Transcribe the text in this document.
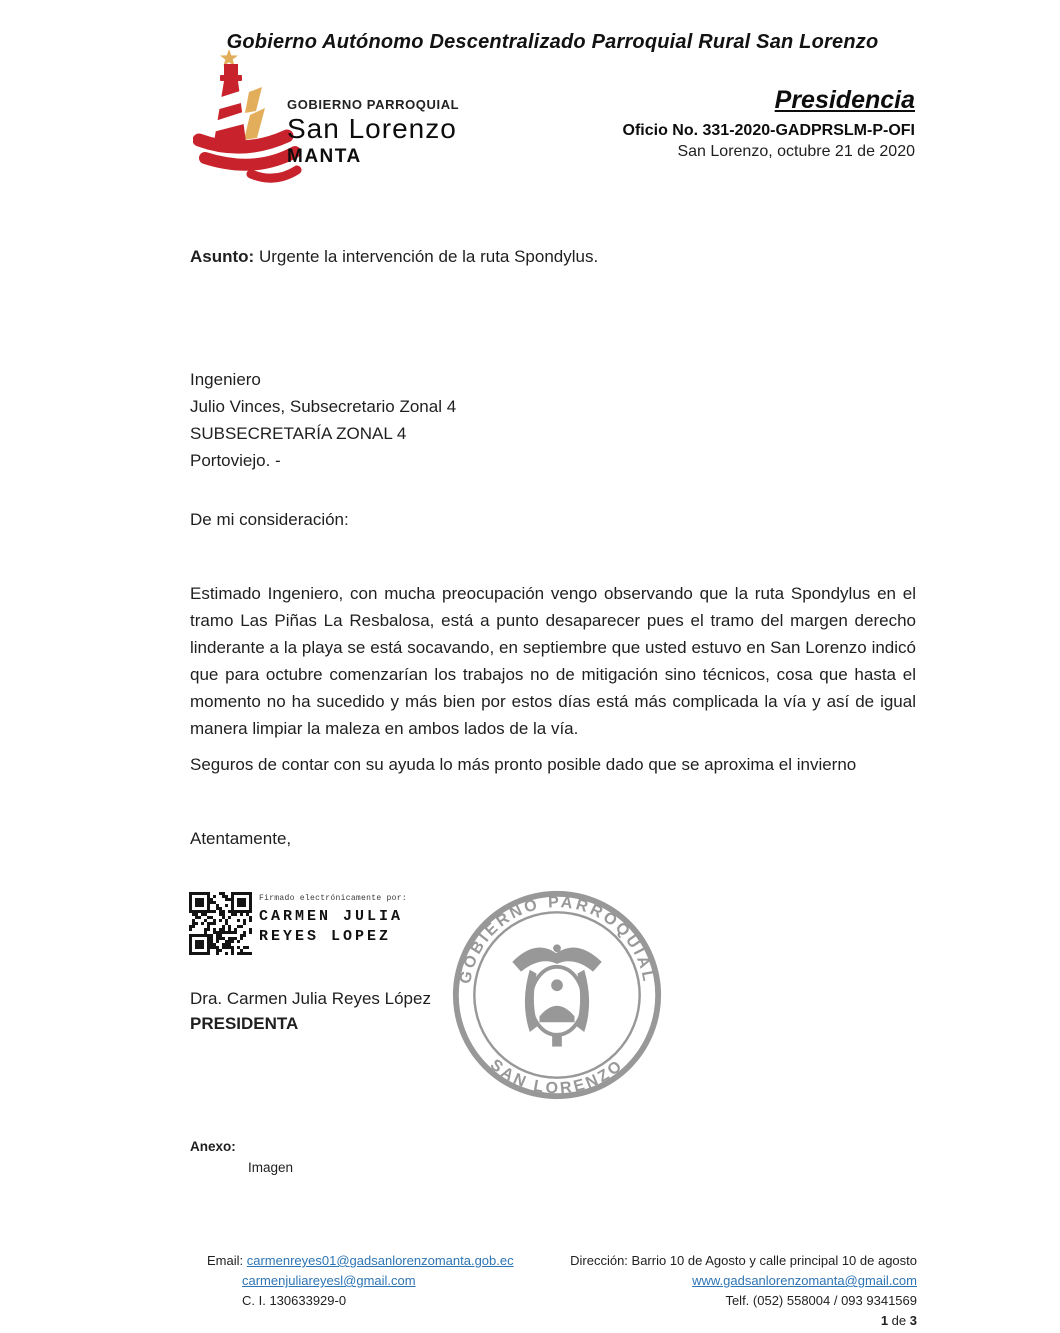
Gobierno Autónomo Descentralizado Parroquial Rural San Lorenzo
GOBIERNO PARROQUIAL
San Lorenzo
MANTA
Presidencia
Oficio No. 331-2020-GADPRSLM-P-OFI
San Lorenzo, octubre 21 de 2020
Asunto: Urgente la intervención de la ruta Spondylus.
Ingeniero
Julio Vinces, Subsecretario Zonal 4
SUBSECRETARÍA ZONAL 4
Portoviejo. -
De mi consideración:
Estimado Ingeniero, con mucha preocupación vengo observando que la ruta Spondylus en el tramo Las Piñas La Resbalosa, está a punto desaparecer pues el tramo del margen derecho linderante a la playa se está socavando, en septiembre que usted estuvo en San Lorenzo indicó que para octubre comenzarían los trabajos no de mitigación sino técnicos, cosa que hasta el momento no ha sucedido y más bien por estos días está más complicada la vía y así de igual manera limpiar la maleza en ambos lados de la vía.
Seguros de contar con su ayuda lo más pronto posible dado que se aproxima el invierno
Atentamente,
Firmado electrónicamente por:
CARMEN JULIA
REYES LOPEZ
Dra. Carmen Julia Reyes López
PRESIDENTA
GOBIERNO PARROQUIAL
SAN LORENZO
Anexo:
Imagen
Email: carmenreyes01@gadsanlorenzomanta.gob.ec
carmenjuliareyesl@gmail.com
C. I. 130633929-0
Dirección: Barrio 10 de Agosto y calle principal 10 de agosto
www.gadsanlorenzomanta@gmail.com
Telf. (052) 558004 / 093 9341569
1 de 3
